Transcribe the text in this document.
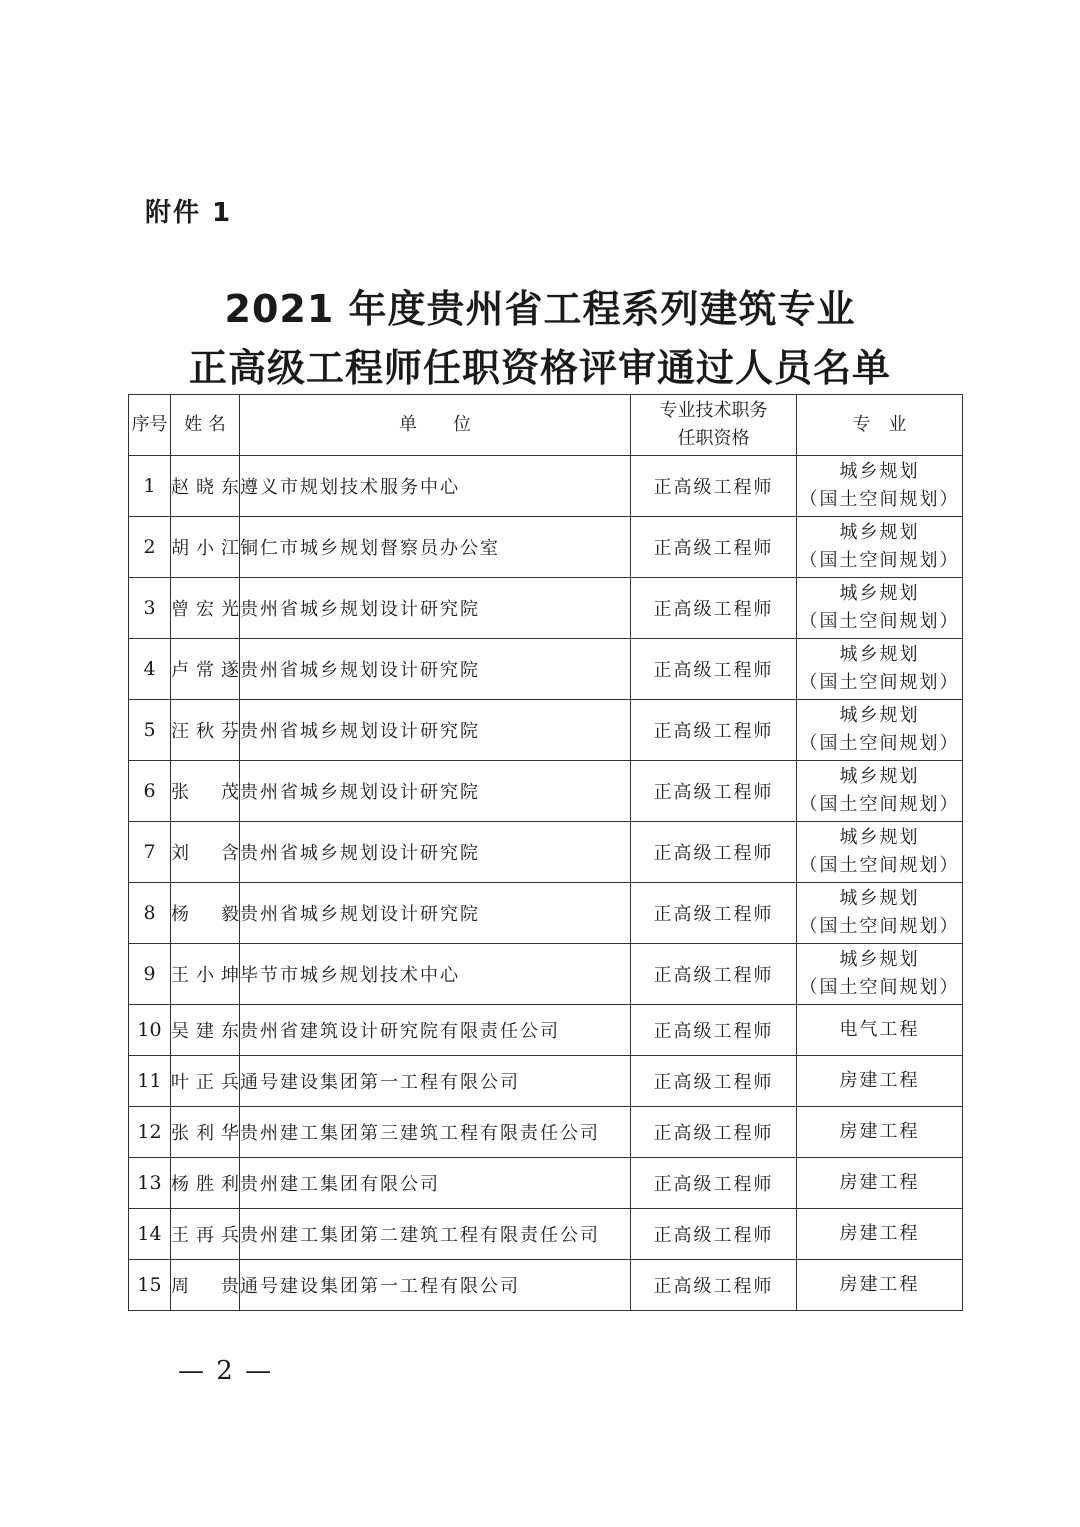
附件 1
2021 年度贵州省工程系列建筑专业
正高级工程师任职资格评审通过人员名单
序号	姓 名	单　　位	专业技术职务
任职资格	专　业
1	赵晓东	遵义市规划技术服务中心	正高级工程师	城乡规划
（国土空间规划）

2	胡小江	铜仁市城乡规划督察员办公室	正高级工程师	城乡规划
（国土空间规划）

3	曾宏光	贵州省城乡规划设计研究院	正高级工程师	城乡规划
（国土空间规划）

4	卢常遂	贵州省城乡规划设计研究院	正高级工程师	城乡规划
（国土空间规划）

5	汪秋芬	贵州省城乡规划设计研究院	正高级工程师	城乡规划
（国土空间规划）

6	张　茂	贵州省城乡规划设计研究院	正高级工程师	城乡规划
（国土空间规划）

7	刘　含	贵州省城乡规划设计研究院	正高级工程师	城乡规划
（国土空间规划）

8	杨　毅	贵州省城乡规划设计研究院	正高级工程师	城乡规划
（国土空间规划）

9	王小坤	毕节市城乡规划技术中心	正高级工程师	城乡规划
（国土空间规划）

10	吴建东	贵州省建筑设计研究院有限责任公司	正高级工程师	电气工程
11	叶正兵	通号建设集团第一工程有限公司	正高级工程师	房建工程
12	张利华	贵州建工集团第三建筑工程有限责任公司	正高级工程师	房建工程
13	杨胜利	贵州建工集团有限公司	正高级工程师	房建工程
14	王再兵	贵州建工集团第二建筑工程有限责任公司	正高级工程师	房建工程
15	周　贵	通号建设集团第一工程有限公司	正高级工程师	房建工程
— 2 —
